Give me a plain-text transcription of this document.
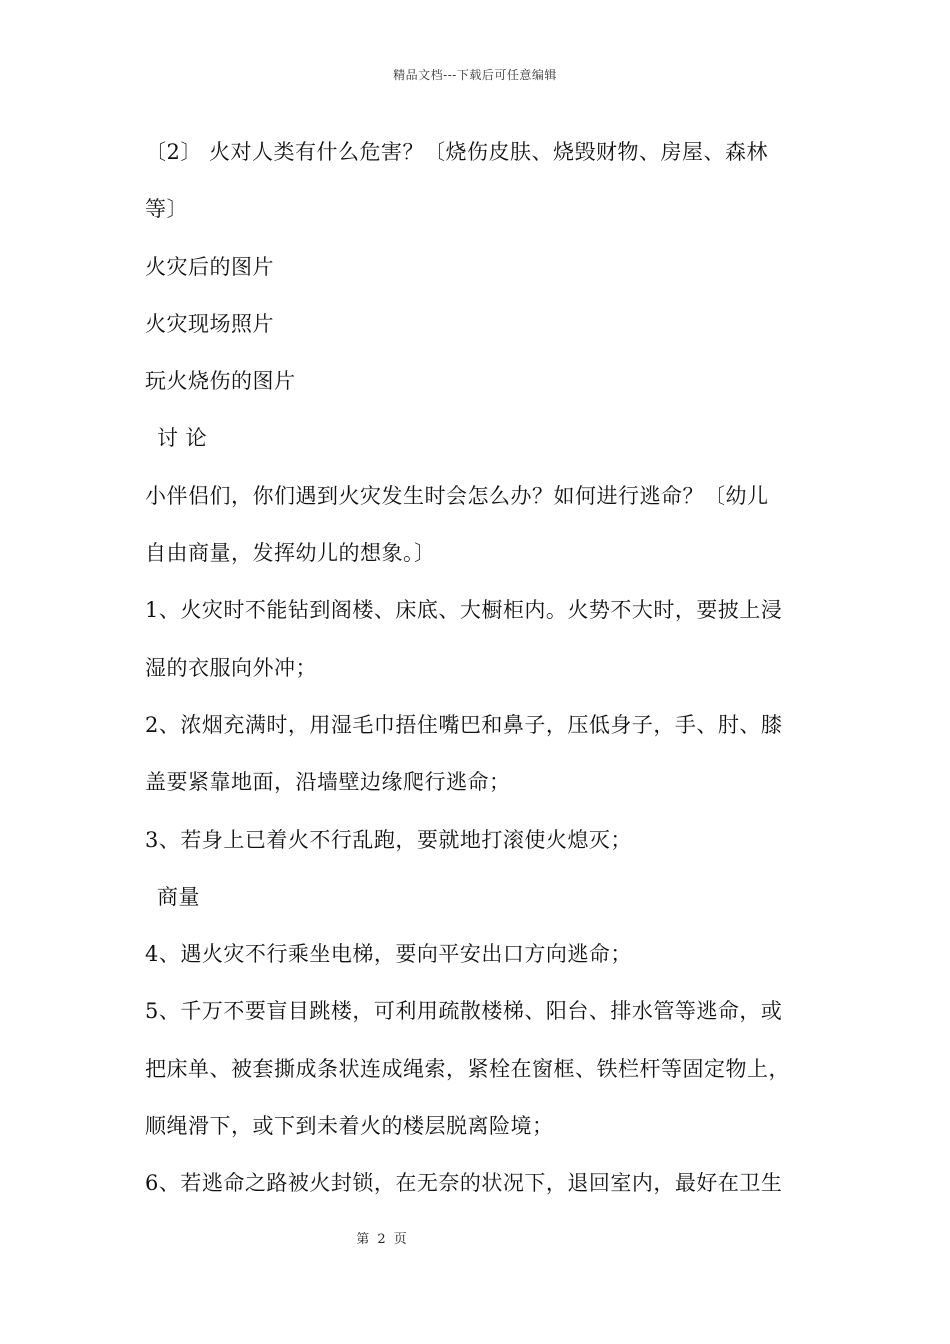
精品文档---下载后可任意编辑
〔2〕 火对人类有什么危害？〔烧伤皮肤、烧毁财物、房屋、森林
等〕
火灾后的图片
火灾现场照片
玩火烧伤的图片
讨 论
小伴侣们，你们遇到火灾发生时会怎么办？如何进行逃命？〔幼儿
自由商量，发挥幼儿的想象。〕
1、火灾时不能钻到阁楼、床底、大橱柜内。火势不大时，要披上浸
湿的衣服向外冲；
2、浓烟充满时，用湿毛巾捂住嘴巴和鼻子，压低身子，手、肘、膝
盖要紧靠地面，沿墙壁边缘爬行逃命；
3、若身上已着火不行乱跑，要就地打滚使火熄灭；
商量
4、遇火灾不行乘坐电梯，要向平安出口方向逃命；
5、千万不要盲目跳楼，可利用疏散楼梯、阳台、排水管等逃命，或
把床单、被套撕成条状连成绳索，紧栓在窗框、铁栏杆等固定物上，
顺绳滑下，或下到未着火的楼层脱离险境；
6、若逃命之路被火封锁，在无奈的状况下，退回室内，最好在卫生
第 2 页
